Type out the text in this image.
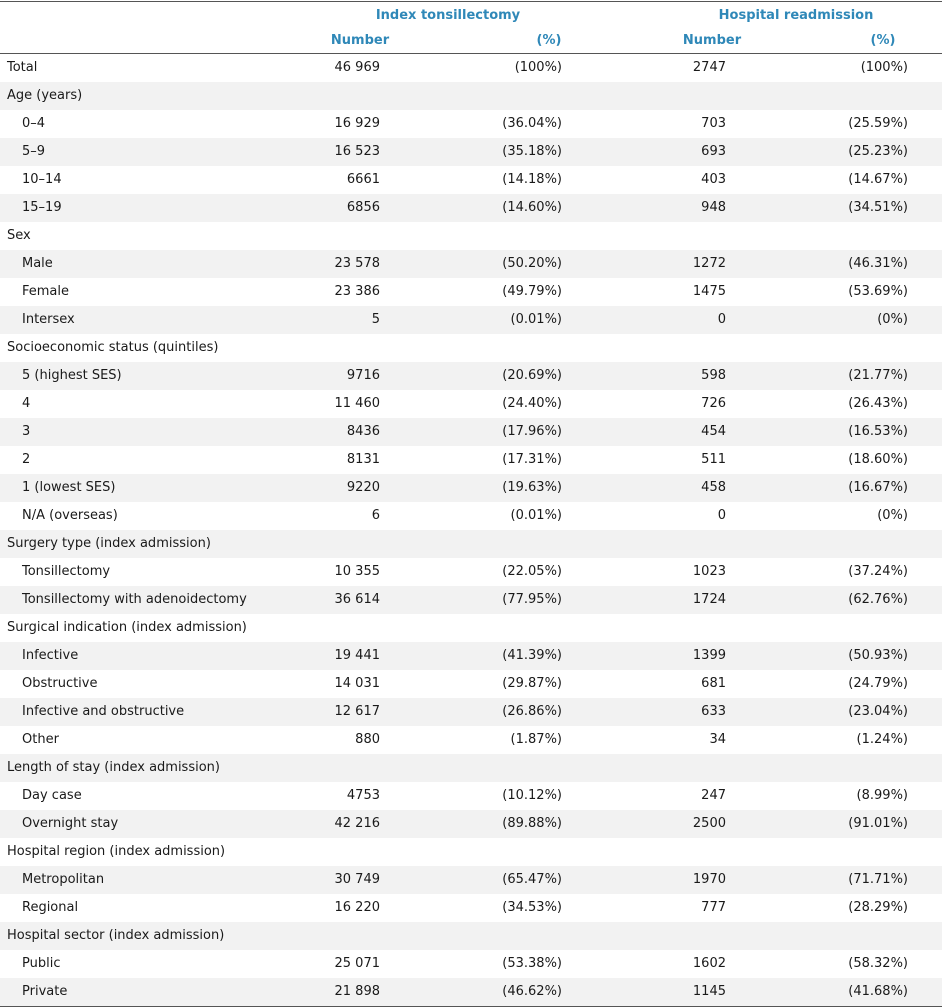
Index tonsillectomy	Hospital readmission
Number	(%)	Number	(%)
Total	46 969	(100%)	2747	(100%)
Age (years)
0–4	16 929	(36.04%)	703	(25.59%)
5–9	16 523	(35.18%)	693	(25.23%)
10–14	6661	(14.18%)	403	(14.67%)
15–19	6856	(14.60%)	948	(34.51%)
Sex
Male	23 578	(50.20%)	1272	(46.31%)
Female	23 386	(49.79%)	1475	(53.69%)
Intersex	5	(0.01%)	0	(0%)
Socioeconomic status (quintiles)
5 (highest SES)	9716	(20.69%)	598	(21.77%)
4	11 460	(24.40%)	726	(26.43%)
3	8436	(17.96%)	454	(16.53%)
2	8131	(17.31%)	511	(18.60%)
1 (lowest SES)	9220	(19.63%)	458	(16.67%)
N/A (overseas)	6	(0.01%)	0	(0%)
Surgery type (index admission)
Tonsillectomy	10 355	(22.05%)	1023	(37.24%)
Tonsillectomy with adenoidectomy	36 614	(77.95%)	1724	(62.76%)
Surgical indication (index admission)
Infective	19 441	(41.39%)	1399	(50.93%)
Obstructive	14 031	(29.87%)	681	(24.79%)
Infective and obstructive	12 617	(26.86%)	633	(23.04%)
Other	880	(1.87%)	34	(1.24%)
Length of stay (index admission)
Day case	4753	(10.12%)	247	(8.99%)
Overnight stay	42 216	(89.88%)	2500	(91.01%)
Hospital region (index admission)
Metropolitan	30 749	(65.47%)	1970	(71.71%)
Regional	16 220	(34.53%)	777	(28.29%)
Hospital sector (index admission)
Public	25 071	(53.38%)	1602	(58.32%)
Private	21 898	(46.62%)	1145	(41.68%)
